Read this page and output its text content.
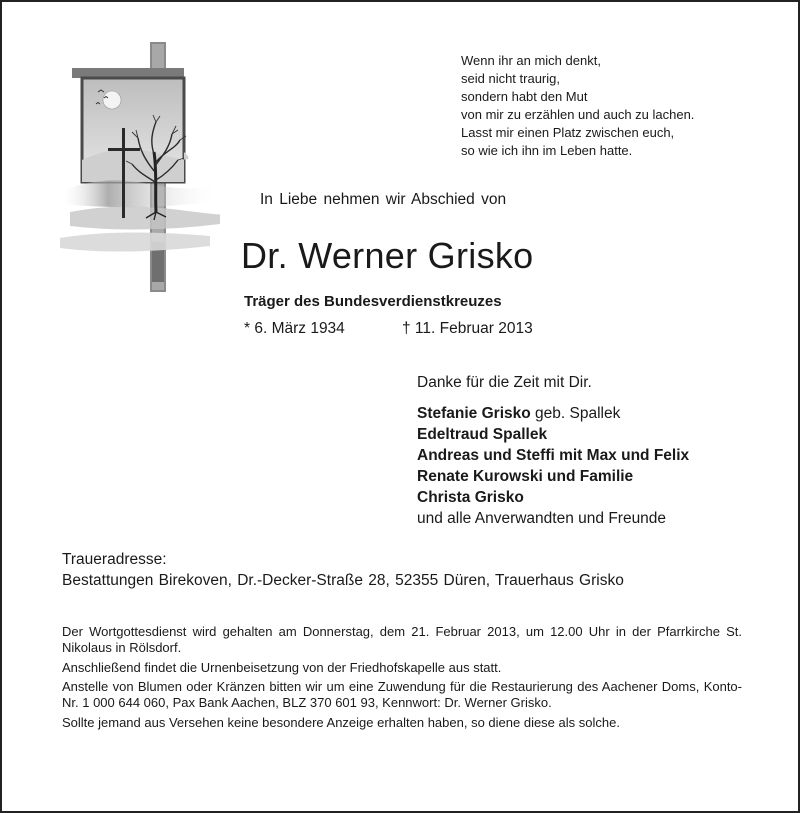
Wenn ihr an mich denkt,
seid nicht traurig,
sondern habt den Mut
von mir zu erzählen und auch zu lachen.
Lasst mir einen Platz zwischen euch,
so wie ich ihn im Leben hatte.
In Liebe nehmen wir Abschied von
Dr. Werner Grisko
Träger des Bundesverdienstkreuzes
* 6. März 1934	† 11. Februar 2013
Danke für die Zeit mit Dir.
Stefanie Grisko geb. Spallek
Edeltraud Spallek
Andreas und Steffi mit Max und Felix
Renate Kurowski und Familie
Christa Grisko
und alle Anverwandten und Freunde
Traueradresse:
Bestattungen Birekoven, Dr.-Decker-Straße 28, 52355 Düren, Trauerhaus Grisko

Der Wortgottesdienst wird gehalten am Donnerstag, dem 21. Februar 2013, um 12.00 Uhr in der Pfarrkirche St. Nikolaus in Rölsdorf.

Anschließend findet die Urnenbeisetzung von der Friedhofskapelle aus statt.

Anstelle von Blumen oder Kränzen bitten wir um eine Zuwendung für die Restaurierung des Aachener Doms, Konto-Nr. 1 000 644 060, Pax Bank Aachen, BLZ 370 601 93, Kennwort: Dr. Werner Grisko.

Sollte jemand aus Versehen keine besondere Anzeige erhalten haben, so diene diese als solche.
